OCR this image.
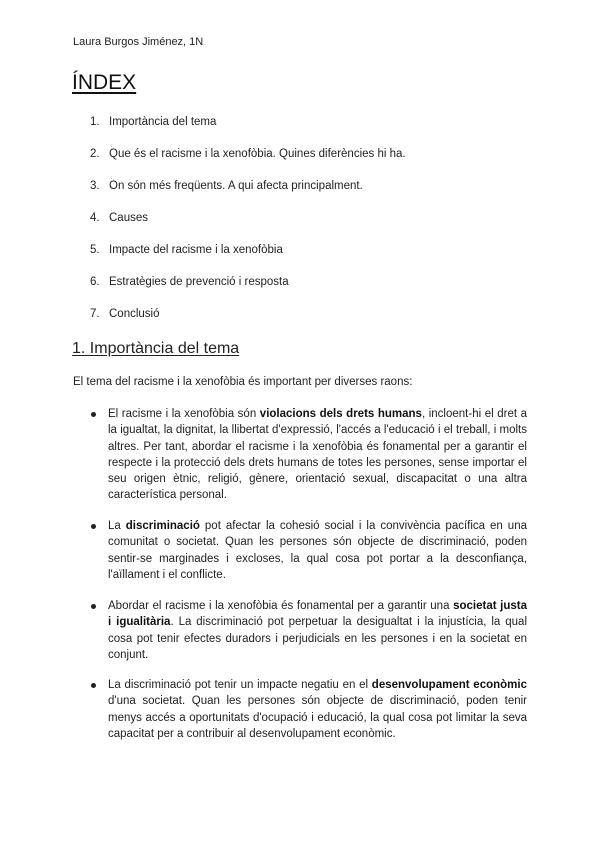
Laura Burgos Jiménez, 1N
ÍNDEX
1. Importància del tema
2. Que és el racisme i la xenofòbia. Quines diferències hi ha.
3. On són més freqüents. A qui afecta principalment.
4. Causes
5. Impacte del racisme i la xenofòbia
6. Estratègies de prevenció i resposta
7. Conclusió
1. Importància del tema
El tema del racisme i la xenofòbia és important per diverses raons:
El racisme i la xenofòbia són violacions dels drets humans, incloent-hi el dret a la igualtat, la dignitat, la llibertat d'expressió, l'accés a l'educació i el treball, i molts altres. Per tant, abordar el racisme i la xenofòbia és fonamental per a garantir el respecte i la protecció dels drets humans de totes les persones, sense importar el seu origen ètnic, religió, gènere, orientació sexual, discapacitat o una altra característica personal.
La discriminació pot afectar la cohesió social i la convivència pacífica en una comunitat o societat. Quan les persones són objecte de discriminació, poden sentir-se marginades i excloses, la qual cosa pot portar a la desconfiança, l'aïllament i el conflicte.
Abordar el racisme i la xenofòbia és fonamental per a garantir una societat justa i igualitària. La discriminació pot perpetuar la desigualtat i la injustícia, la qual cosa pot tenir efectes duradors i perjudicials en les persones i en la societat en conjunt.
La discriminació pot tenir un impacte negatiu en el desenvolupament econòmic d'una societat. Quan les persones són objecte de discriminació, poden tenir menys accés a oportunitats d'ocupació i educació, la qual cosa pot limitar la seva capacitat per a contribuir al desenvolupament econòmic.
